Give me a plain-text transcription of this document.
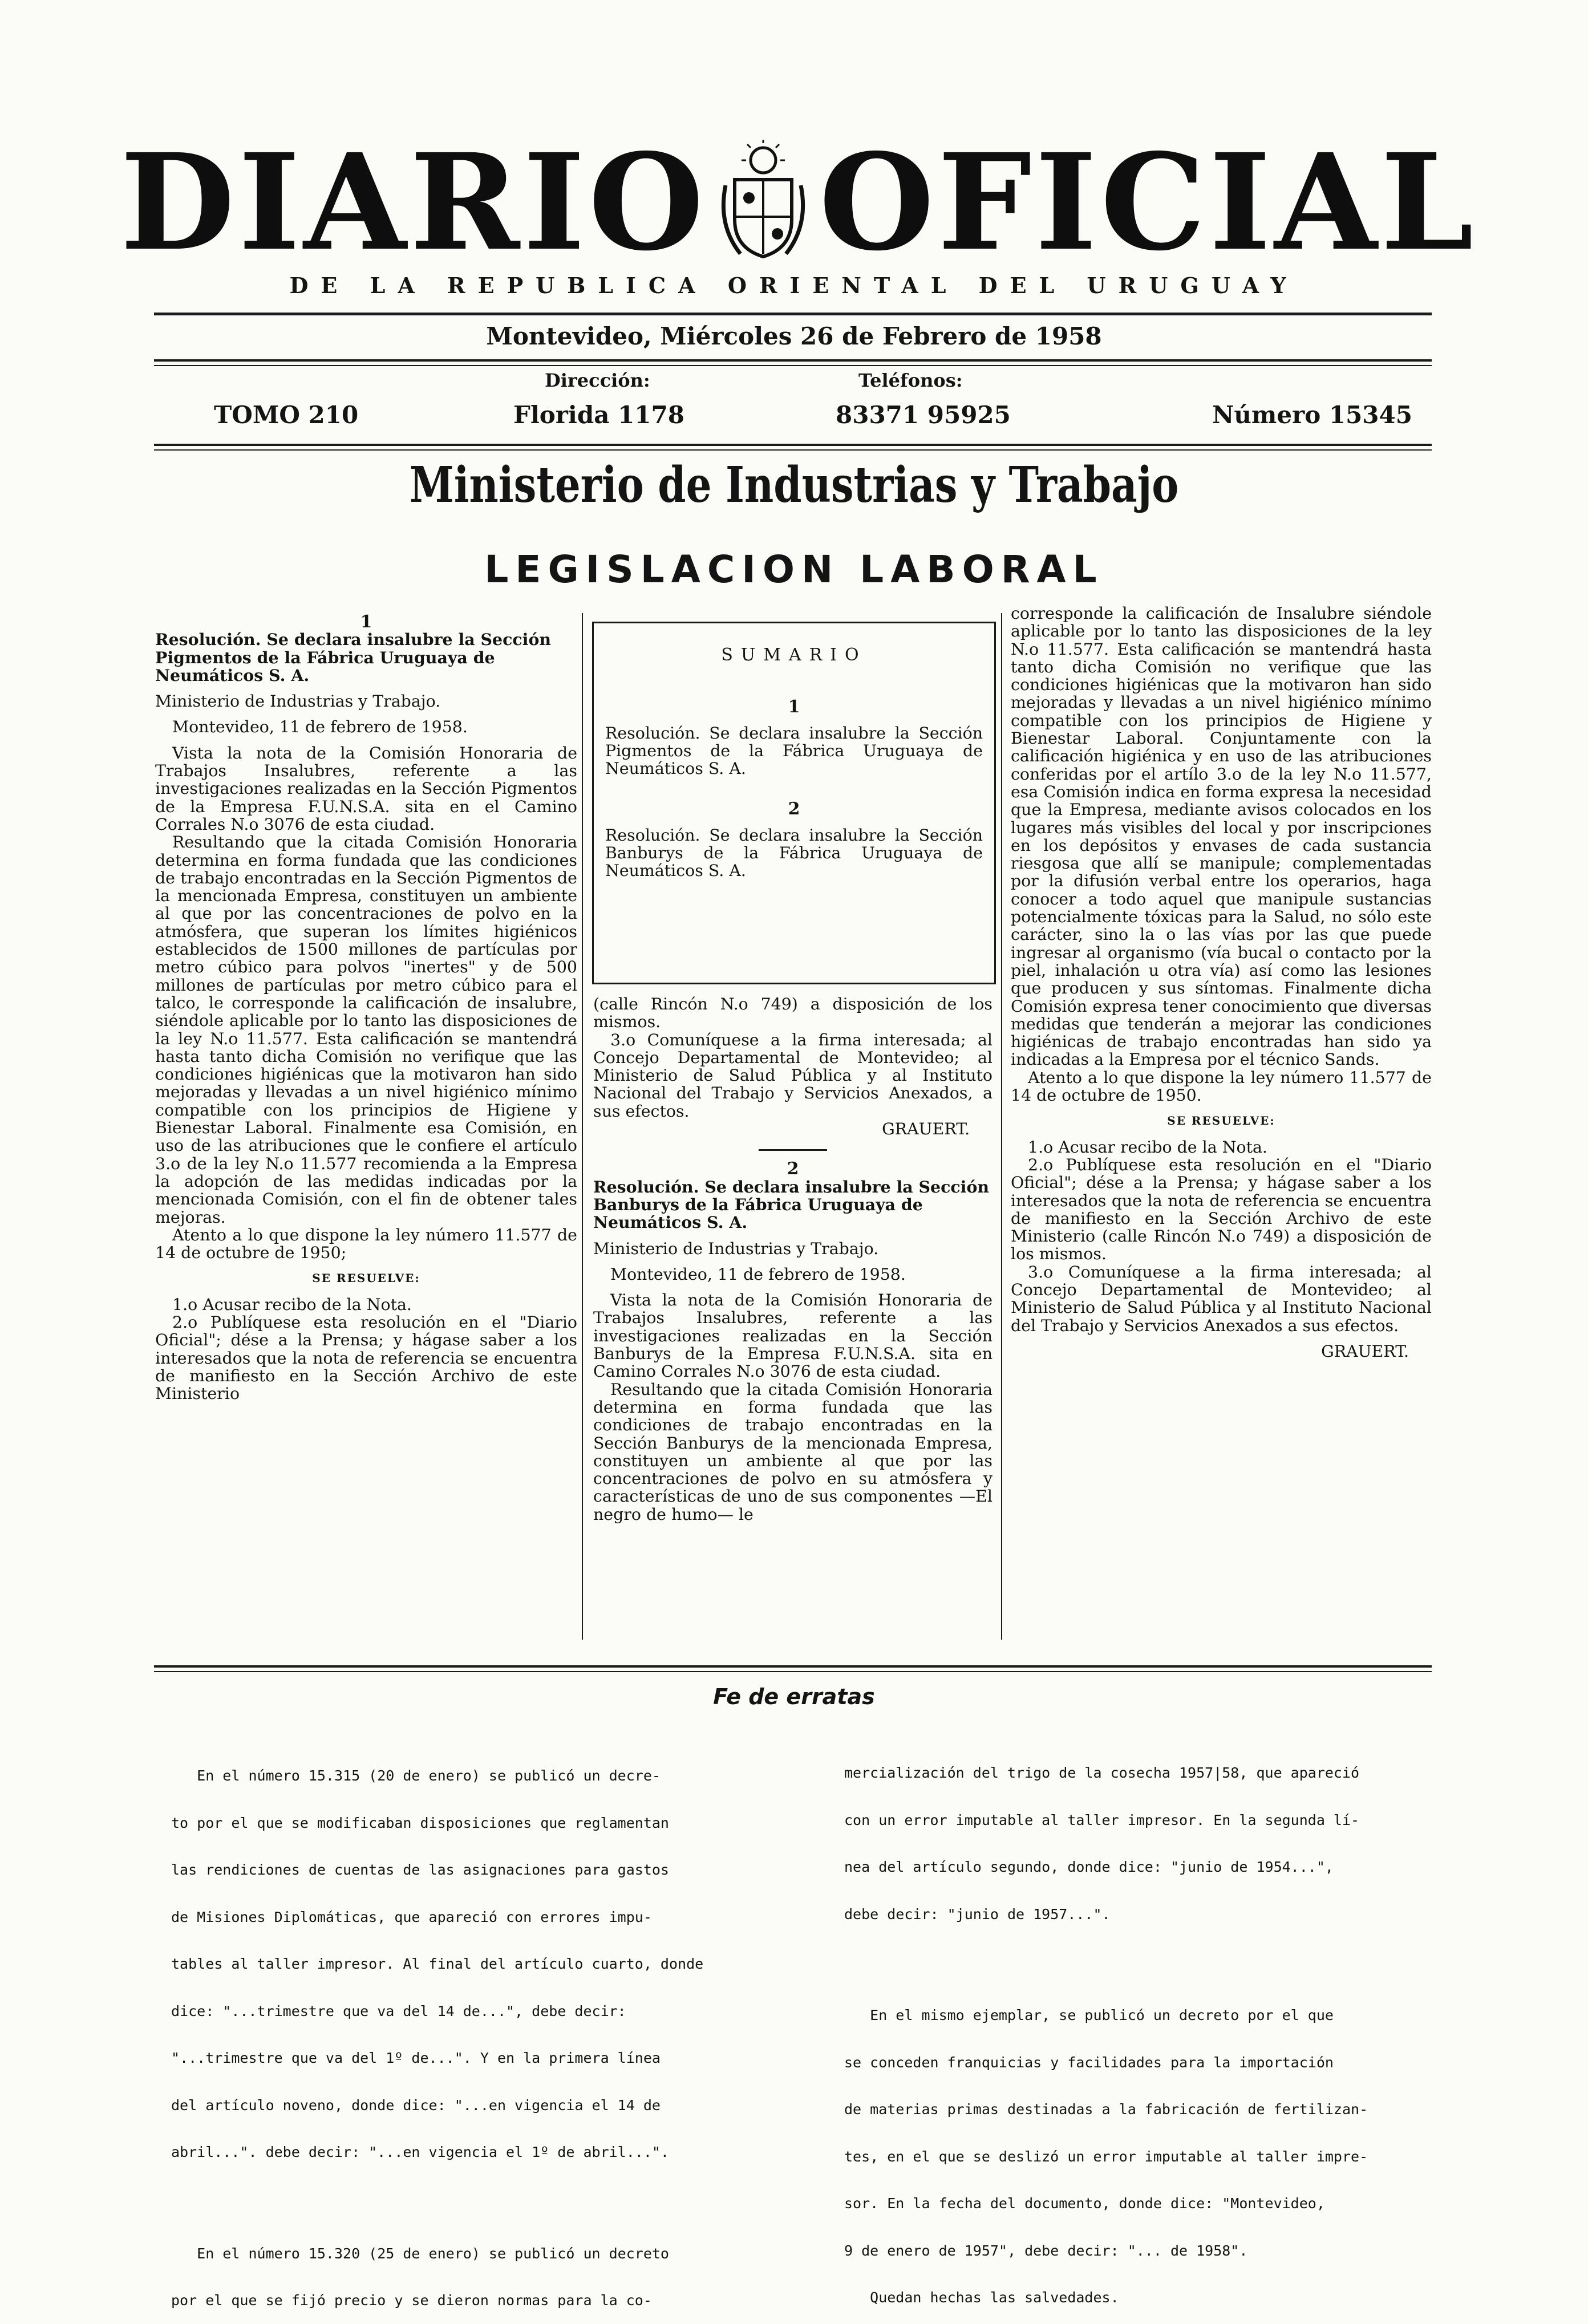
DIARIO OFICIAL
DE LA REPUBLICA ORIENTAL DEL URUGUAY
Montevideo, Miércoles 26 de Febrero de 1958
Dirección:	Teléfonos:
TOMO 210	Florida 1178	83371 95925	Número 15345
Ministerio de Industrias y Trabajo
LEGISLACION LABORAL

1

Resolución. Se declara insalubre la Sección Pigmentos de la Fábrica Uruguaya de Neumáticos S. A.

Ministerio de Industrias y Trabajo.

Montevideo, 11 de febrero de 1958.

Vista la nota de la Comisión Honoraria de Trabajos Insalubres, referente a las investigaciones realizadas en la Sección Pigmentos de la Empresa F.U.N.S.A. sita en el Camino Corrales N.o 3076 de esta ciudad.

Resultando que la citada Comisión Honoraria determina en forma fundada que las condiciones de trabajo encontradas en la Sección Pigmentos de la mencionada Empresa, constituyen un ambiente al que por las concentraciones de polvo en la atmósfera, que superan los límites higiénicos establecidos de 1500 millones de partículas por metro cúbico para polvos "inertes" y de 500 millones de partículas por metro cúbico para el talco, le corresponde la calificación de insalubre, siéndole aplicable por lo tanto las disposiciones de la ley N.o 11.577. Esta calificación se mantendrá hasta tanto dicha Comisión no verifique que las condiciones higiénicas que la motivaron han sido mejoradas y llevadas a un nivel higiénico mínimo compatible con los principios de Higiene y Bienestar Laboral. Finalmente esa Comisión, en uso de las atribuciones que le confiere el artículo 3.o de la ley N.o 11.577 recomienda a la Empresa la adopción de las medidas indicadas por la mencionada Comisión, con el fin de obtener tales mejoras.

Atento a lo que dispone la ley número 11.577 de 14 de octubre de 1950;

SE RESUELVE:

1.o Acusar recibo de la Nota.

2.o Publíquese esta resolución en el "Diario Oficial"; dése a la Prensa; y hágase saber a los interesados que la nota de referencia se encuentra de manifiesto en la Sección Archivo de este Ministerio

SUMARIO

1

Resolución. Se declara insalubre la Sección Pigmentos de la Fábrica Uruguaya de Neumáticos S. A.

2

Resolución. Se declara insalubre la Sección Banburys de la Fábrica Uruguaya de Neumáticos S. A.

(calle Rincón N.o 749) a disposición de los mismos.

3.o Comuníquese a la firma interesada; al Concejo Departamental de Montevideo; al Ministerio de Salud Pública y al Instituto Nacional del Trabajo y Servicios Anexados, a sus efectos.

GRAUERT.

2

Resolución. Se declara insalubre la Sección Banburys de la Fábrica Uruguaya de Neumáticos S. A.

Ministerio de Industrias y Trabajo.

Montevideo, 11 de febrero de 1958.

Vista la nota de la Comisión Honoraria de Trabajos Insalubres, referente a las investigaciones realizadas en la Sección Banburys de la Empresa F.U.N.S.A. sita en Camino Corrales N.o 3076 de esta ciudad.

Resultando que la citada Comisión Honoraria determina en forma fundada que las condiciones de trabajo encontradas en la Sección Banburys de la mencionada Empresa, constituyen un ambiente al que por las concentraciones de polvo en su atmósfera y características de uno de sus componentes —El negro de humo— le

corresponde la calificación de Insalubre siéndole aplicable por lo tanto las disposiciones de la ley N.o 11.577. Esta calificación se mantendrá hasta tanto dicha Comisión no verifique que las condiciones higiénicas que la motivaron han sido mejoradas y llevadas a un nivel higiénico mínimo compatible con los principios de Higiene y Bienestar Laboral. Conjuntamente con la calificación higiénica y en uso de las atribuciones conferidas por el artílo 3.o de la ley N.o 11.577, esa Comisión indica en forma expresa la necesidad que la Empresa, mediante avisos colocados en los lugares más visibles del local y por inscripciones en los depósitos y envases de cada sustancia riesgosa que allí se manipule; complementadas por la difusión verbal entre los operarios, haga conocer a todo aquel que manipule sustancias potencialmente tóxicas para la Salud, no sólo este carácter, sino la o las vías por las que puede ingresar al organismo (vía bucal o contacto por la piel, inhalación u otra vía) así como las lesiones que producen y sus síntomas. Finalmente dicha Comisión expresa tener conocimiento que diversas medidas que tenderán a mejorar las condiciones higiénicas de trabajo encontradas han sido ya indicadas a la Empresa por el técnico Sands.

Atento a lo que dispone la ley número 11.577 de 14 de octubre de 1950.

SE RESUELVE:

1.o Acusar recibo de la Nota.

2.o Publíquese esta resolución en el "Diario Oficial"; dése a la Prensa; y hágase saber a los interesados que la nota de referencia se encuentra de manifiesto en la Sección Archivo de este Ministerio (calle Rincón N.o 749) a disposición de los mismos.

3.o Comuníquese a la firma interesada; al Concejo Departamental de Montevideo; al Ministerio de Salud Pública y al Instituto Nacional del Trabajo y Servicios Anexados a sus efectos.

GRAUERT.

Fe de erratas

En el número 15.315 (20 de enero) se publicó un decre-

to por el que se modificaban disposiciones que reglamentan

las rendiciones de cuentas de las asignaciones para gastos

de Misiones Diplomáticas, que apareció con errores impu-

tables al taller impresor. Al final del artículo cuarto, donde

dice: "...trimestre que va del 14 de...", debe decir:

"...trimestre que va del 1º de...". Y en la primera línea

del artículo noveno, donde dice: "...en vigencia el 14 de

abril...". debe decir: "...en vigencia el 1º de abril...".

En el número 15.320 (25 de enero) se publicó un decreto

por el que se fijó precio y se dieron normas para la co-

mercialización del trigo de la cosecha 1957|58, que apareció

con un error imputable al taller impresor. En la segunda lí-

nea del artículo segundo, donde dice: "junio de 1954...",

debe decir: "junio de 1957...".

En el mismo ejemplar, se publicó un decreto por el que

se conceden franquicias y facilidades para la importación

de materias primas destinadas a la fabricación de fertilizan-

tes, en el que se deslizó un error imputable al taller impre-

sor. En la fecha del documento, donde dice: "Montevideo,

9 de enero de 1957", debe decir: "... de 1958".

Quedan hechas las salvedades.
